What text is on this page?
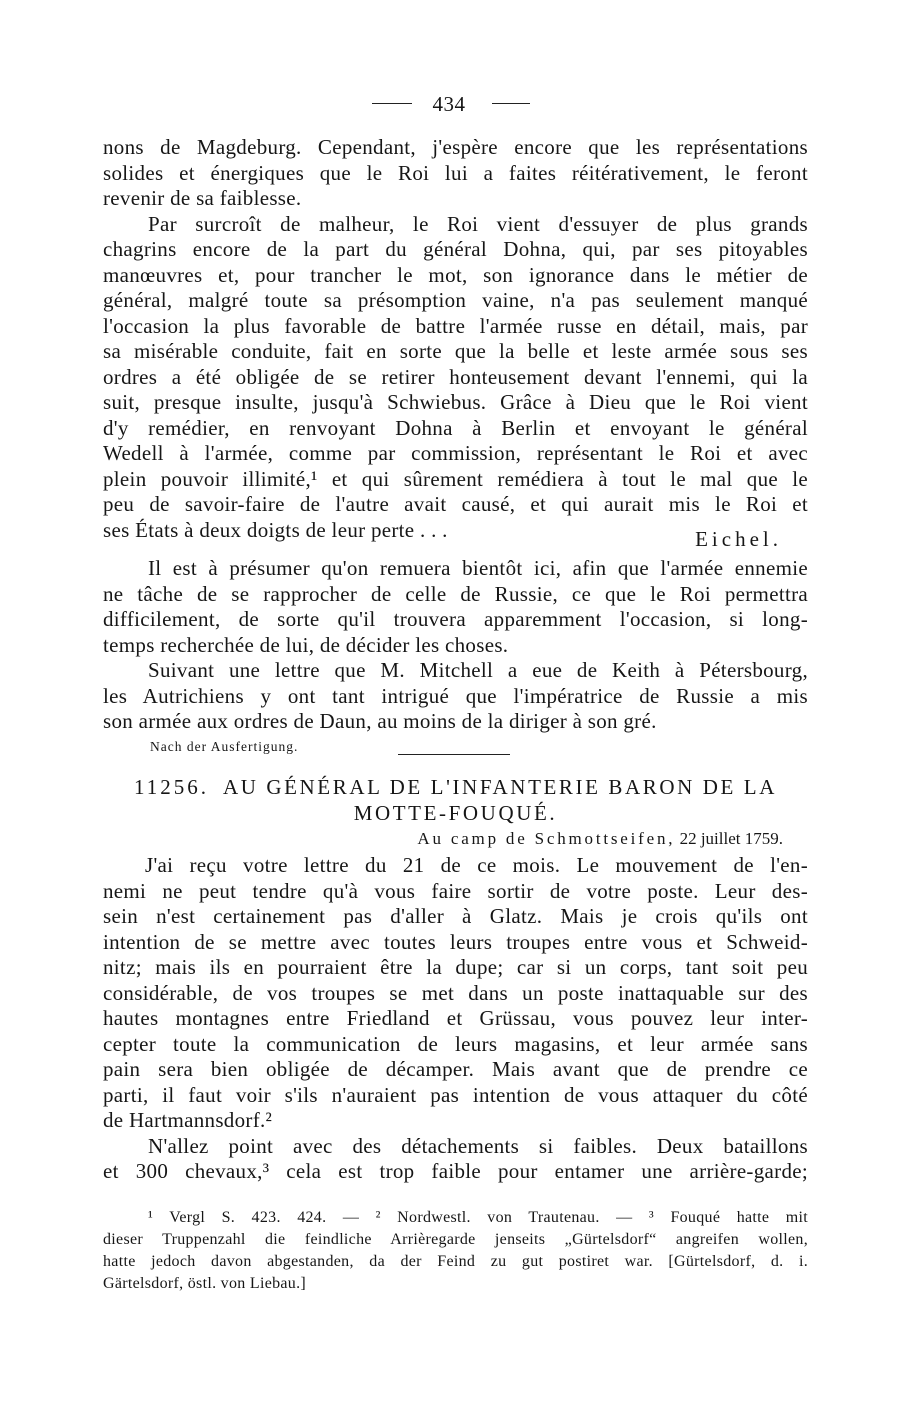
434
nons de Magdeburg. Cependant, j'espère encore que les représentations
solides et énergiques que le Roi lui a faites réitérativement, le feront
revenir de sa faiblesse.
Par surcroît de malheur, le Roi vient d'essuyer de plus grands
chagrins encore de la part du général Dohna, qui, par ses pitoyables
manœuvres et, pour trancher le mot, son ignorance dans le métier de
général, malgré toute sa présomption vaine, n'a pas seulement manqué
l'occasion la plus favorable de battre l'armée russe en détail, mais, par
sa misérable conduite, fait en sorte que la belle et leste armée sous ses
ordres a été obligée de se retirer honteusement devant l'ennemi, qui la
suit, presque insulte, jusqu'à Schwiebus. Grâce à Dieu que le Roi vient
d'y remédier, en renvoyant Dohna à Berlin et envoyant le général
Wedell à l'armée, comme par commission, représentant le Roi et avec
plein pouvoir illimité,¹ et qui sûrement remédiera à tout le mal que le
peu de savoir-faire de l'autre avait causé, et qui aurait mis le Roi et
ses États à deux doigts de leur perte . . .	Eichel.
Il est à présumer qu'on remuera bientôt ici, afin que l'armée ennemie
ne tâche de se rapprocher de celle de Russie, ce que le Roi permettra
difficilement, de sorte qu'il trouvera apparemment l'occasion, si long-
temps recherchée de lui, de décider les choses.
Suivant une lettre que M. Mitchell a eue de Keith à Pétersbourg,
les Autrichiens y ont tant intrigué que l'impératrice de Russie a mis
son armée aux ordres de Daun, au moins de la diriger à son gré.
Nach der Ausfertigung.
11256. AU GÉNÉRAL DE L'INFANTERIE BARON DE LA
MOTTE-FOUQUÉ.
Au camp de Schmottseifen, 22 juillet 1759.
J'ai reçu votre lettre du 21 de ce mois. Le mouvement de l'en-
nemi ne peut tendre qu'à vous faire sortir de votre poste. Leur des-
sein n'est certainement pas d'aller à Glatz. Mais je crois qu'ils ont
intention de se mettre avec toutes leurs troupes entre vous et Schweid-
nitz; mais ils en pourraient être la dupe; car si un corps, tant soit peu
considérable, de vos troupes se met dans un poste inattaquable sur des
hautes montagnes entre Friedland et Grüssau, vous pouvez leur inter-
cepter toute la communication de leurs magasins, et leur armée sans
pain sera bien obligée de décamper. Mais avant que de prendre ce
parti, il faut voir s'ils n'auraient pas intention de vous attaquer du côté
de Hartmannsdorf.²
N'allez point avec des détachements si faibles. Deux bataillons
et 300 chevaux,³ cela est trop faible pour entamer une arrière-garde;
¹ Vergl S. 423. 424. — ² Nordwestl. von Trautenau. — ³ Fouqué hatte mit
dieser Truppenzahl die feindliche Arrièregarde jenseits „Gürtelsdorf“ angreifen wollen,
hatte jedoch davon abgestanden, da der Feind zu gut postiret war. [Gürtelsdorf, d. i.
Gärtelsdorf, östl. von Liebau.]
